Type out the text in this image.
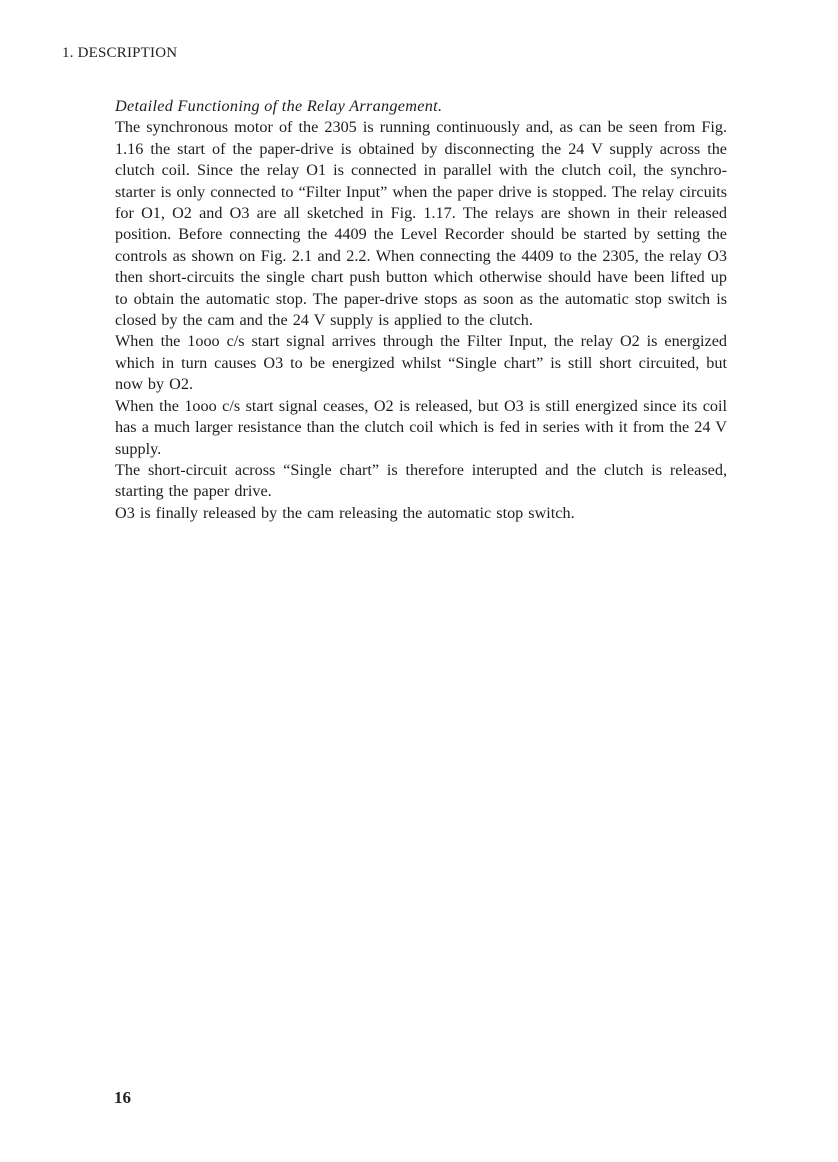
1. DESCRIPTION

Detailed Functioning of the Relay Arrangement.

The synchronous motor of the 2305 is running continuously and, as can be seen from Fig. 1.16 the start of the paper-drive is obtained by disconnecting the 24 V supply across the clutch coil. Since the relay O1 is connected in parallel with the clutch coil, the synchro-starter is only connected to “Filter Input” when the paper drive is stopped. The relay circuits for O1, O2 and O3 are all sketched in Fig. 1.17. The relays are shown in their released position. Before connecting the 4409 the Level Recorder should be started by setting the controls as shown on Fig. 2.1 and 2.2. When connecting the 4409 to the 2305, the relay O3 then short-circuits the single chart push button which otherwise should have been lifted up to obtain the automatic stop. The paper-drive stops as soon as the automatic stop switch is closed by the cam and the 24 V supply is applied to the clutch.

When the 1ooo c/s start signal arrives through the Filter Input, the relay O2 is energized which in turn causes O3 to be energized whilst “Single chart” is still short circuited, but now by O2.

When the 1ooo c/s start signal ceases, O2 is released, but O3 is still energized since its coil has a much larger resistance than the clutch coil which is fed in series with it from the 24 V supply.

The short-circuit across “Single chart” is therefore interupted and the clutch is released, starting the paper drive.

O3 is finally released by the cam releasing the automatic stop switch.

16
